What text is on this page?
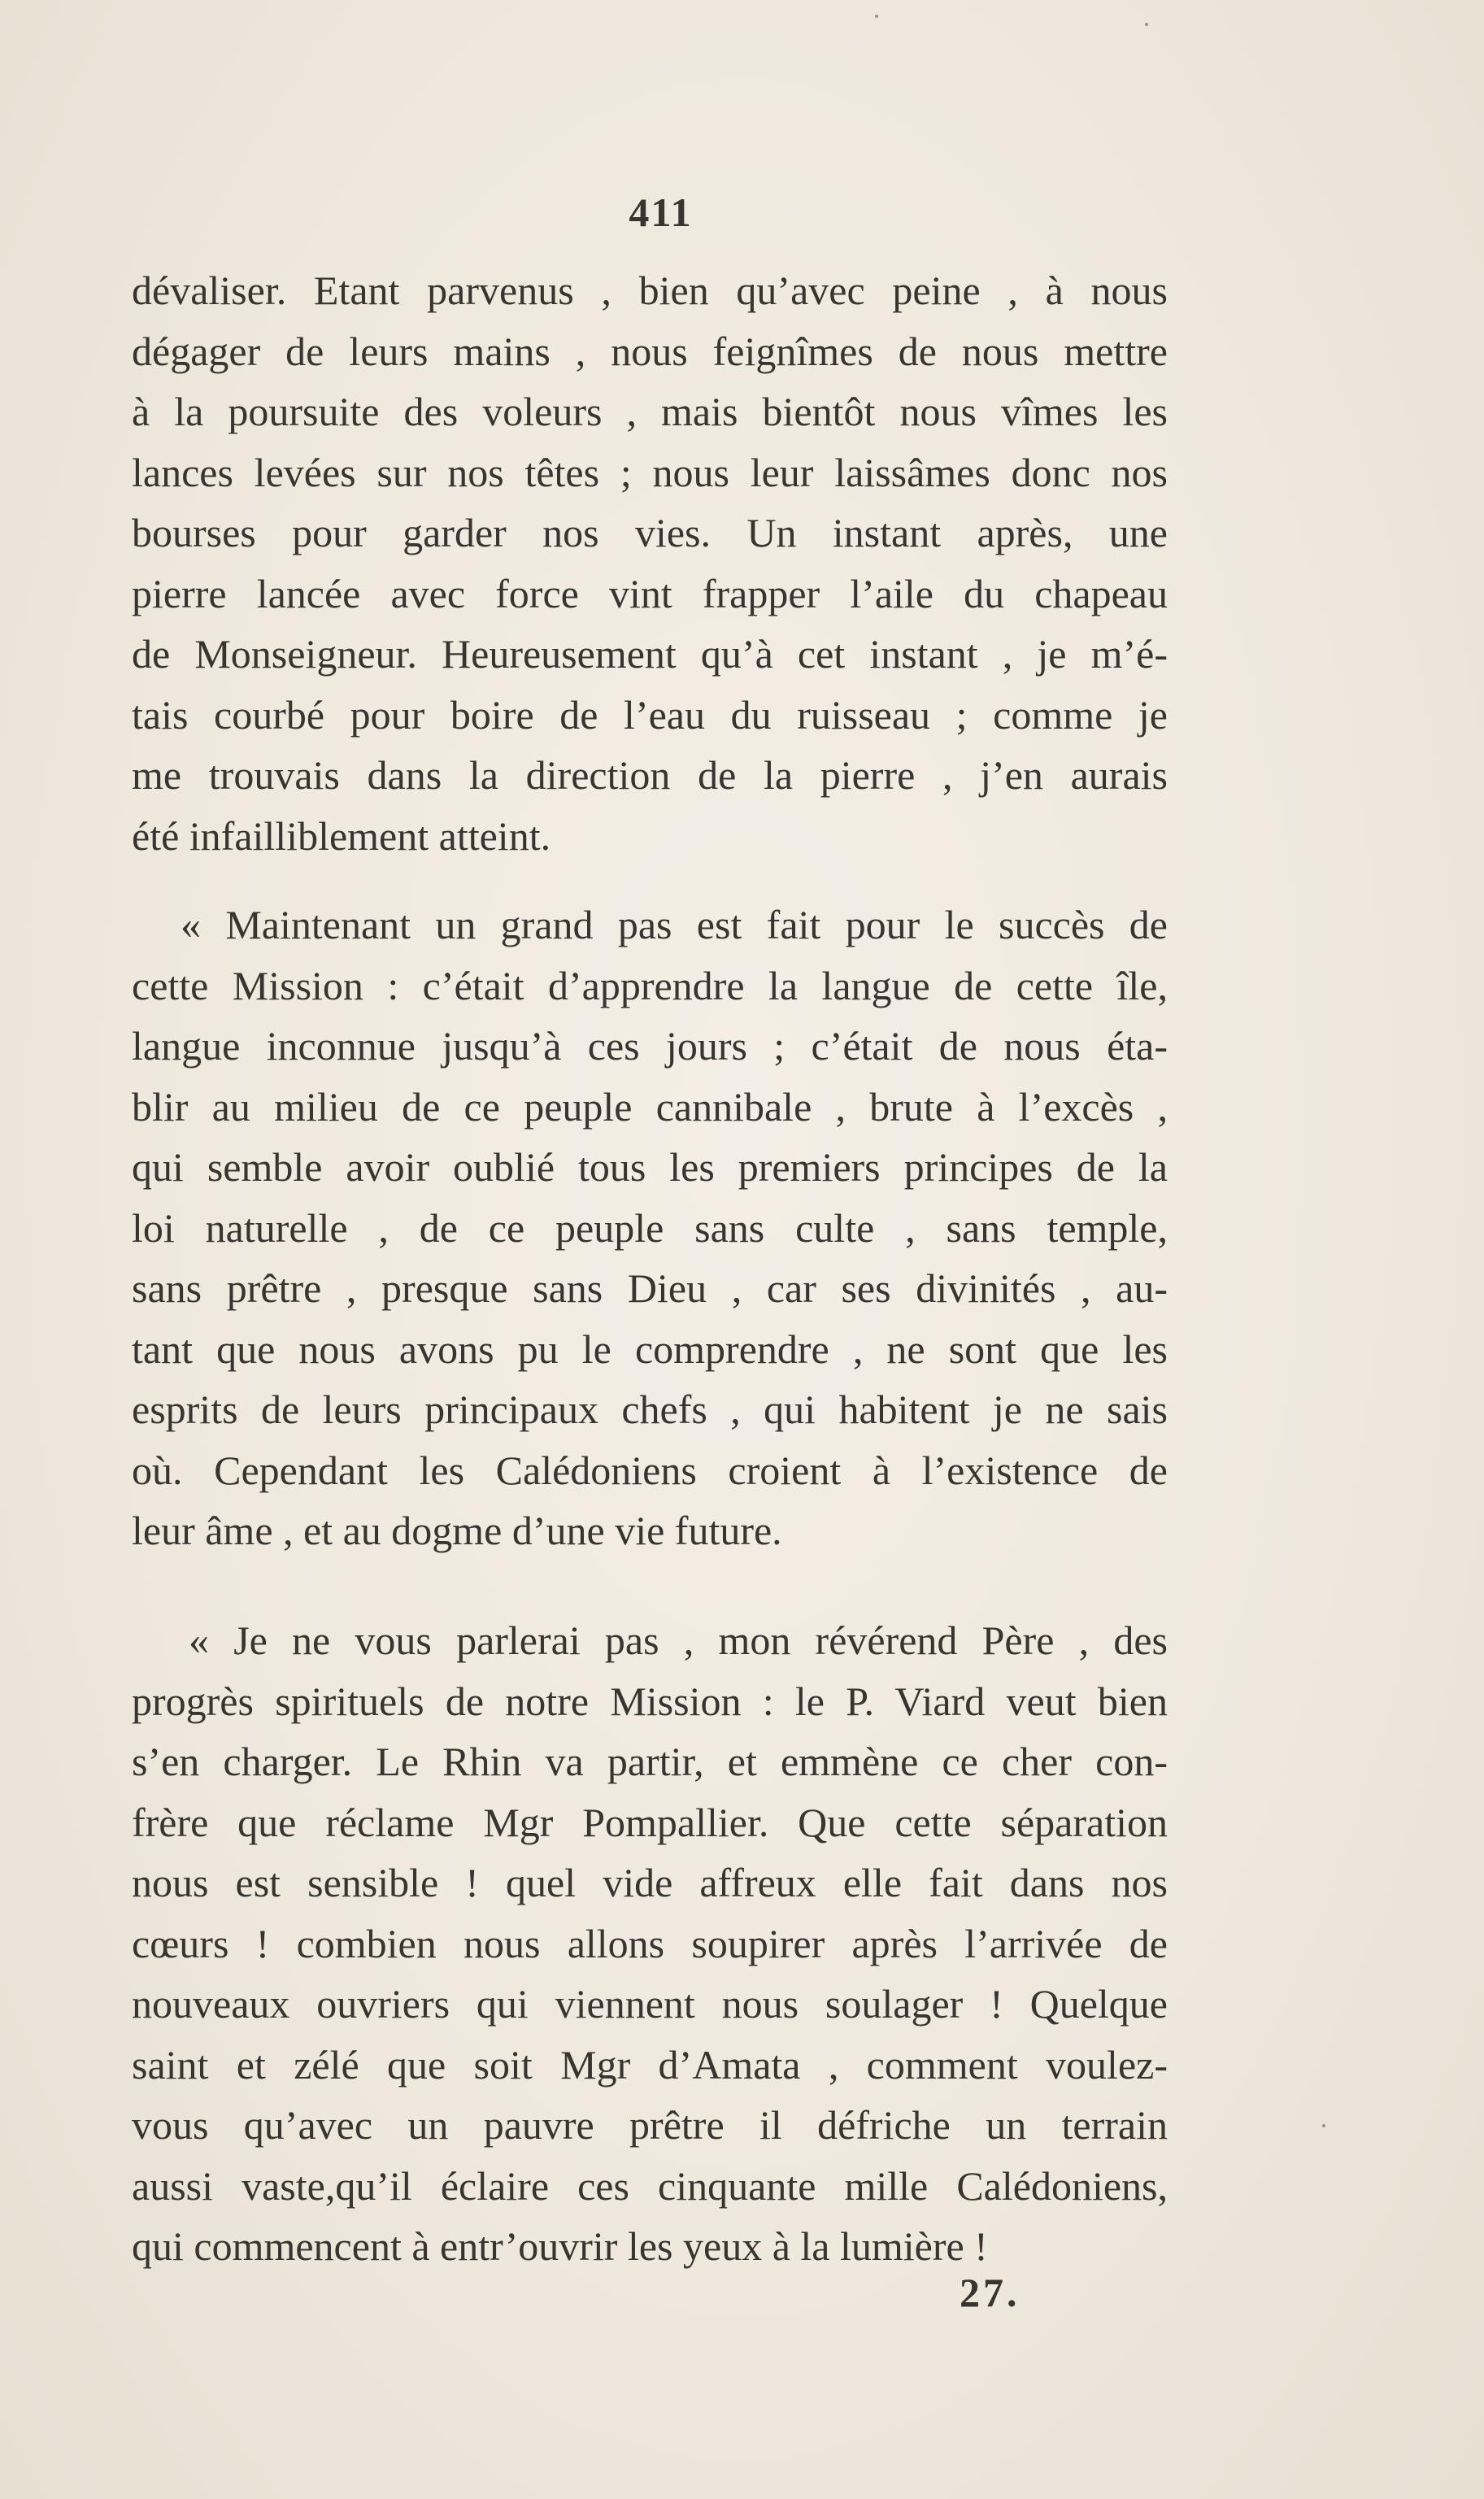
411
dévaliser. Etant parvenus , bien qu’avec peine , à nous
dégager de leurs mains , nous feignîmes de nous mettre
à la poursuite des voleurs , mais bientôt nous vîmes les
lances levées sur nos têtes ; nous leur laissâmes donc nos
bourses pour garder nos vies. Un instant après, une
pierre lancée avec force vint frapper l’aile du chapeau
de Monseigneur. Heureusement qu’à cet instant , je m’é-
tais courbé pour boire de l’eau du ruisseau ; comme je
me trouvais dans la direction de la pierre , j’en aurais
été infailliblement atteint.
« Maintenant un grand pas est fait pour le succès de
cette Mission : c’était d’apprendre la langue de cette île,
langue inconnue jusqu’à ces jours ; c’était de nous éta-
blir au milieu de ce peuple cannibale , brute à l’excès ,
qui semble avoir oublié tous les premiers principes de la
loi naturelle , de ce peuple sans culte , sans temple,
sans prêtre , presque sans Dieu , car ses divinités , au-
tant que nous avons pu le comprendre , ne sont que les
esprits de leurs principaux chefs , qui habitent je ne sais
où. Cependant les Calédoniens croient à l’existence de
leur âme , et au dogme d’une vie future.
« Je ne vous parlerai pas , mon révérend Père , des
progrès spirituels de notre Mission : le P. Viard veut bien
s’en charger. Le Rhin va partir, et emmène ce cher con-
frère que réclame Mgr Pompallier. Que cette séparation
nous est sensible ! quel vide affreux elle fait dans nos
cœurs ! combien nous allons soupirer après l’arrivée de
nouveaux ouvriers qui viennent nous soulager ! Quelque
saint et zélé que soit Mgr d’Amata , comment voulez-
vous qu’avec un pauvre prêtre il défriche un terrain
aussi vaste,qu’il éclaire ces cinquante mille Calédoniens,
qui commencent à entr’ouvrir les yeux à la lumière !
27.
